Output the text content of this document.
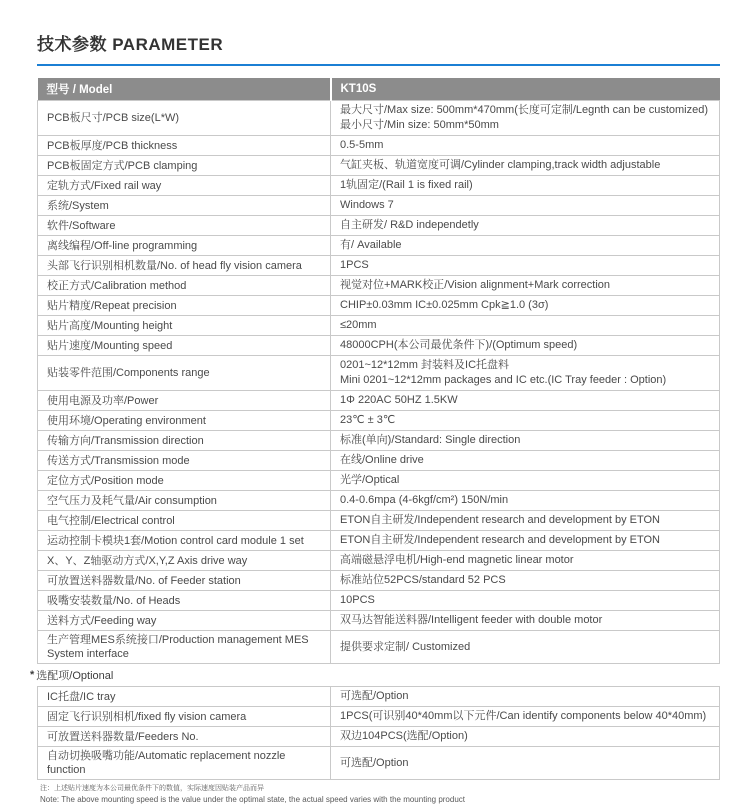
技术参数 PARAMETER
型号 / Model	KT10S
PCB板尺寸/PCB size(L*W)	最大尺寸/Max size: 500mm*470mm(长度可定制/Legnth can be customized)
最小尺寸/Min size: 50mm*50mm

PCB板厚度/PCB thickness	0.5-5mm

PCB板固定方式/PCB clamping	气缸夹板、轨道宽度可调/Cylinder clamping,track width adjustable

定轨方式/Fixed rail way	1轨固定/(Rail 1 is fixed rail)

系统/System	Windows 7

软件/Software	自主研发/ R&D independetly

离线编程/Off-line programming	有/ Available

头部飞行识别相机数量/No. of head fly vision camera	1PCS

校正方式/Calibration method	视觉对位+MARK校正/Vision alignment+Mark correction

贴片精度/Repeat precision	CHIP±0.03mm IC±0.025mm Cpk≧1.0 (3σ)

贴片高度/Mounting height	≤20mm

贴片速度/Mounting speed	48000CPH(本公司最优条件下)/(Optimum speed)

贴装零件范围/Components range	0201~12*12mm 封装料及IC托盘料
Mini 0201~12*12mm packages and IC etc.(IC Tray feeder : Option)

使用电源及功率/Power	1Φ 220AC 50HZ 1.5KW

使用环境/Operating environment	23℃ ± 3℃

传输方向/Transmission direction	标准(单向)/Standard: Single direction

传送方式/Transmission mode	在线/Online drive

定位方式/Position mode	光学/Optical

空气压力及耗气量/Air consumption	0.4-0.6mpa (4-6kgf/cm²) 150N/min

电气控制/Electrical control	ETON自主研发/Independent research and development by ETON

运动控制卡模块1套/Motion control card module 1 set	ETON自主研发/Independent research and development by ETON

X、Y、Z轴驱动方式/X,Y,Z Axis drive way	高端磁悬浮电机/High-end magnetic linear motor

可放置送料器数量/No. of Feeder station	标准站位52PCS/standard 52 PCS

吸嘴安装数量/No. of Heads	10PCS

送料方式/Feeding way	双马达智能送料器/Intelligent feeder with double motor

生产管理MES系统接口/Production management MES System interface	提供要求定制/ Customized
* 选配项/Optional
IC托盘/IC tray	可选配/Option

固定飞行识别相机/fixed fly vision camera	1PCS(可识别40*40mm以下元件/Can identify components below 40*40mm)

可放置送料器数量/Feeders No.	双边104PCS(选配/Option)

自动切换吸嘴功能/Automatic replacement nozzle function	可选配/Option
注：上述贴片速度为本公司最优条件下的数值，实际速度因贴装产品而异
Note: The above mounting speed is the value under the optimal state, the actual speed varies with the mounting product
